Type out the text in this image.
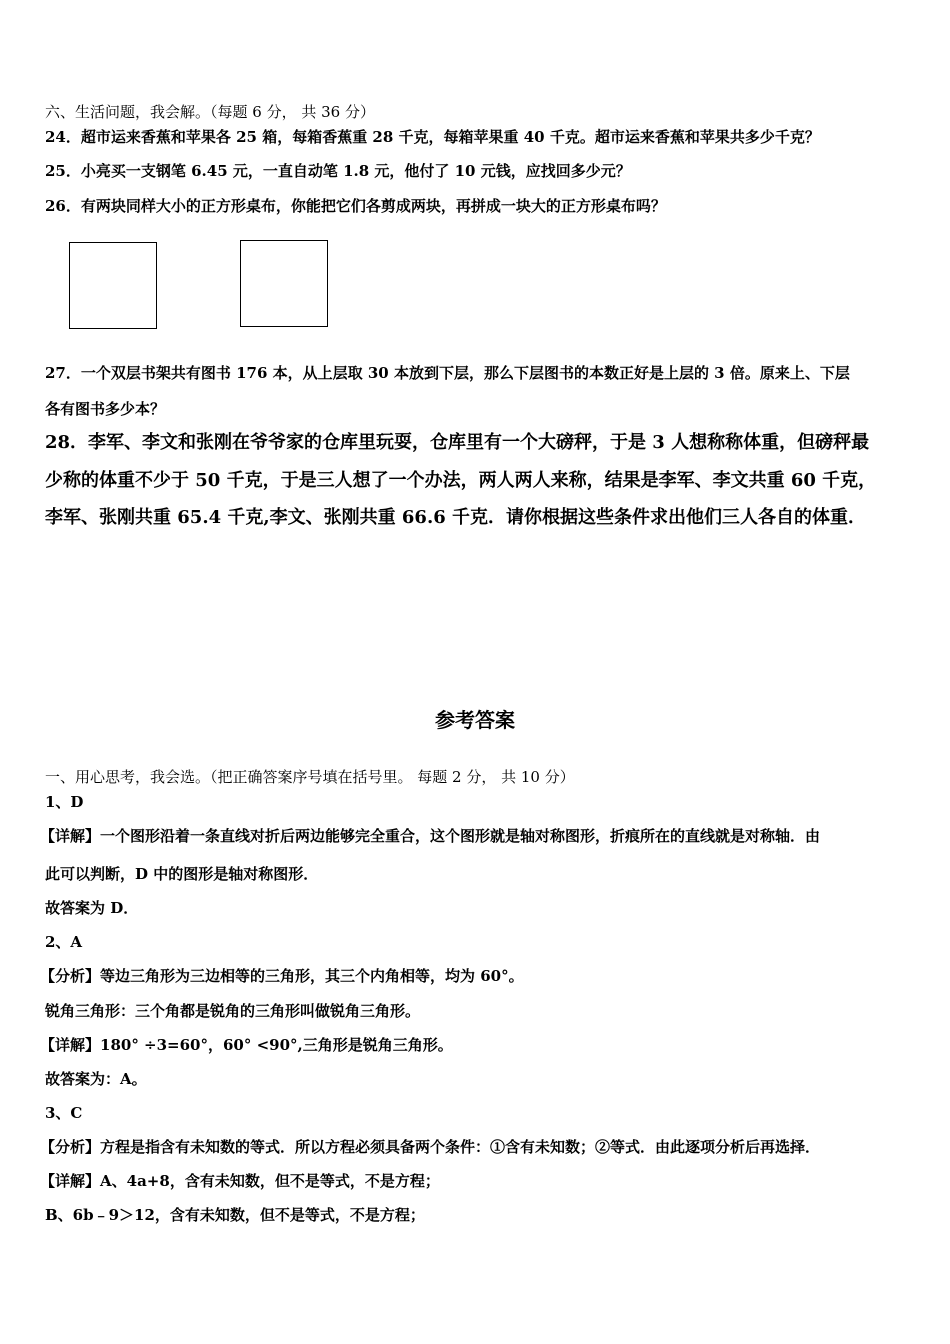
六、生活问题，我会解。（每题 6 分， 共 36 分）
24．超市运来香蕉和苹果各 25 箱，每箱香蕉重 28 千克，每箱苹果重 40 千克。超市运来香蕉和苹果共多少千克？
25．小亮买一支钢笔 6.45 元，一直自动笔 1.8 元，他付了 10 元钱，应找回多少元？
26．有两块同样大小的正方形桌布，你能把它们各剪成两块，再拼成一块大的正方形桌布吗？
27．一个双层书架共有图书 176 本，从上层取 30 本放到下层，那么下层图书的本数正好是上层的 3 倍。原来上、下层
各有图书多少本？
28．李军、李文和张刚在爷爷家的仓库里玩耍，仓库里有一个大磅秤，于是 3 人想称称体重，但磅秤最
少称的体重不少于 50 千克，于是三人想了一个办法，两人两人来称，结果是李军、李文共重 60 千克，
李军、张刚共重 65.4 千克,李文、张刚共重 66.6 千克．请你根据这些条件求出他们三人各自的体重．
参考答案
一、用心思考，我会选。（把正确答案序号填在括号里。 每题 2 分， 共 10 分）
1、D
【详解】一个图形沿着一条直线对折后两边能够完全重合，这个图形就是轴对称图形，折痕所在的直线就是对称轴．由
此可以判断，D 中的图形是轴对称图形．
故答案为 D．
2、A
【分析】等边三角形为三边相等的三角形，其三个内角相等，均为 60°。
锐角三角形：三个角都是锐角的三角形叫做锐角三角形。
【详解】180° ÷3=60°，60° <90°,三角形是锐角三角形。
故答案为：A。
3、C
【分析】方程是指含有未知数的等式．所以方程必须具备两个条件：①含有未知数；②等式．由此逐项分析后再选择．
【详解】A、4a+8，含有未知数，但不是等式，不是方程；
B、6b﹣9＞12，含有未知数，但不是等式，不是方程；
